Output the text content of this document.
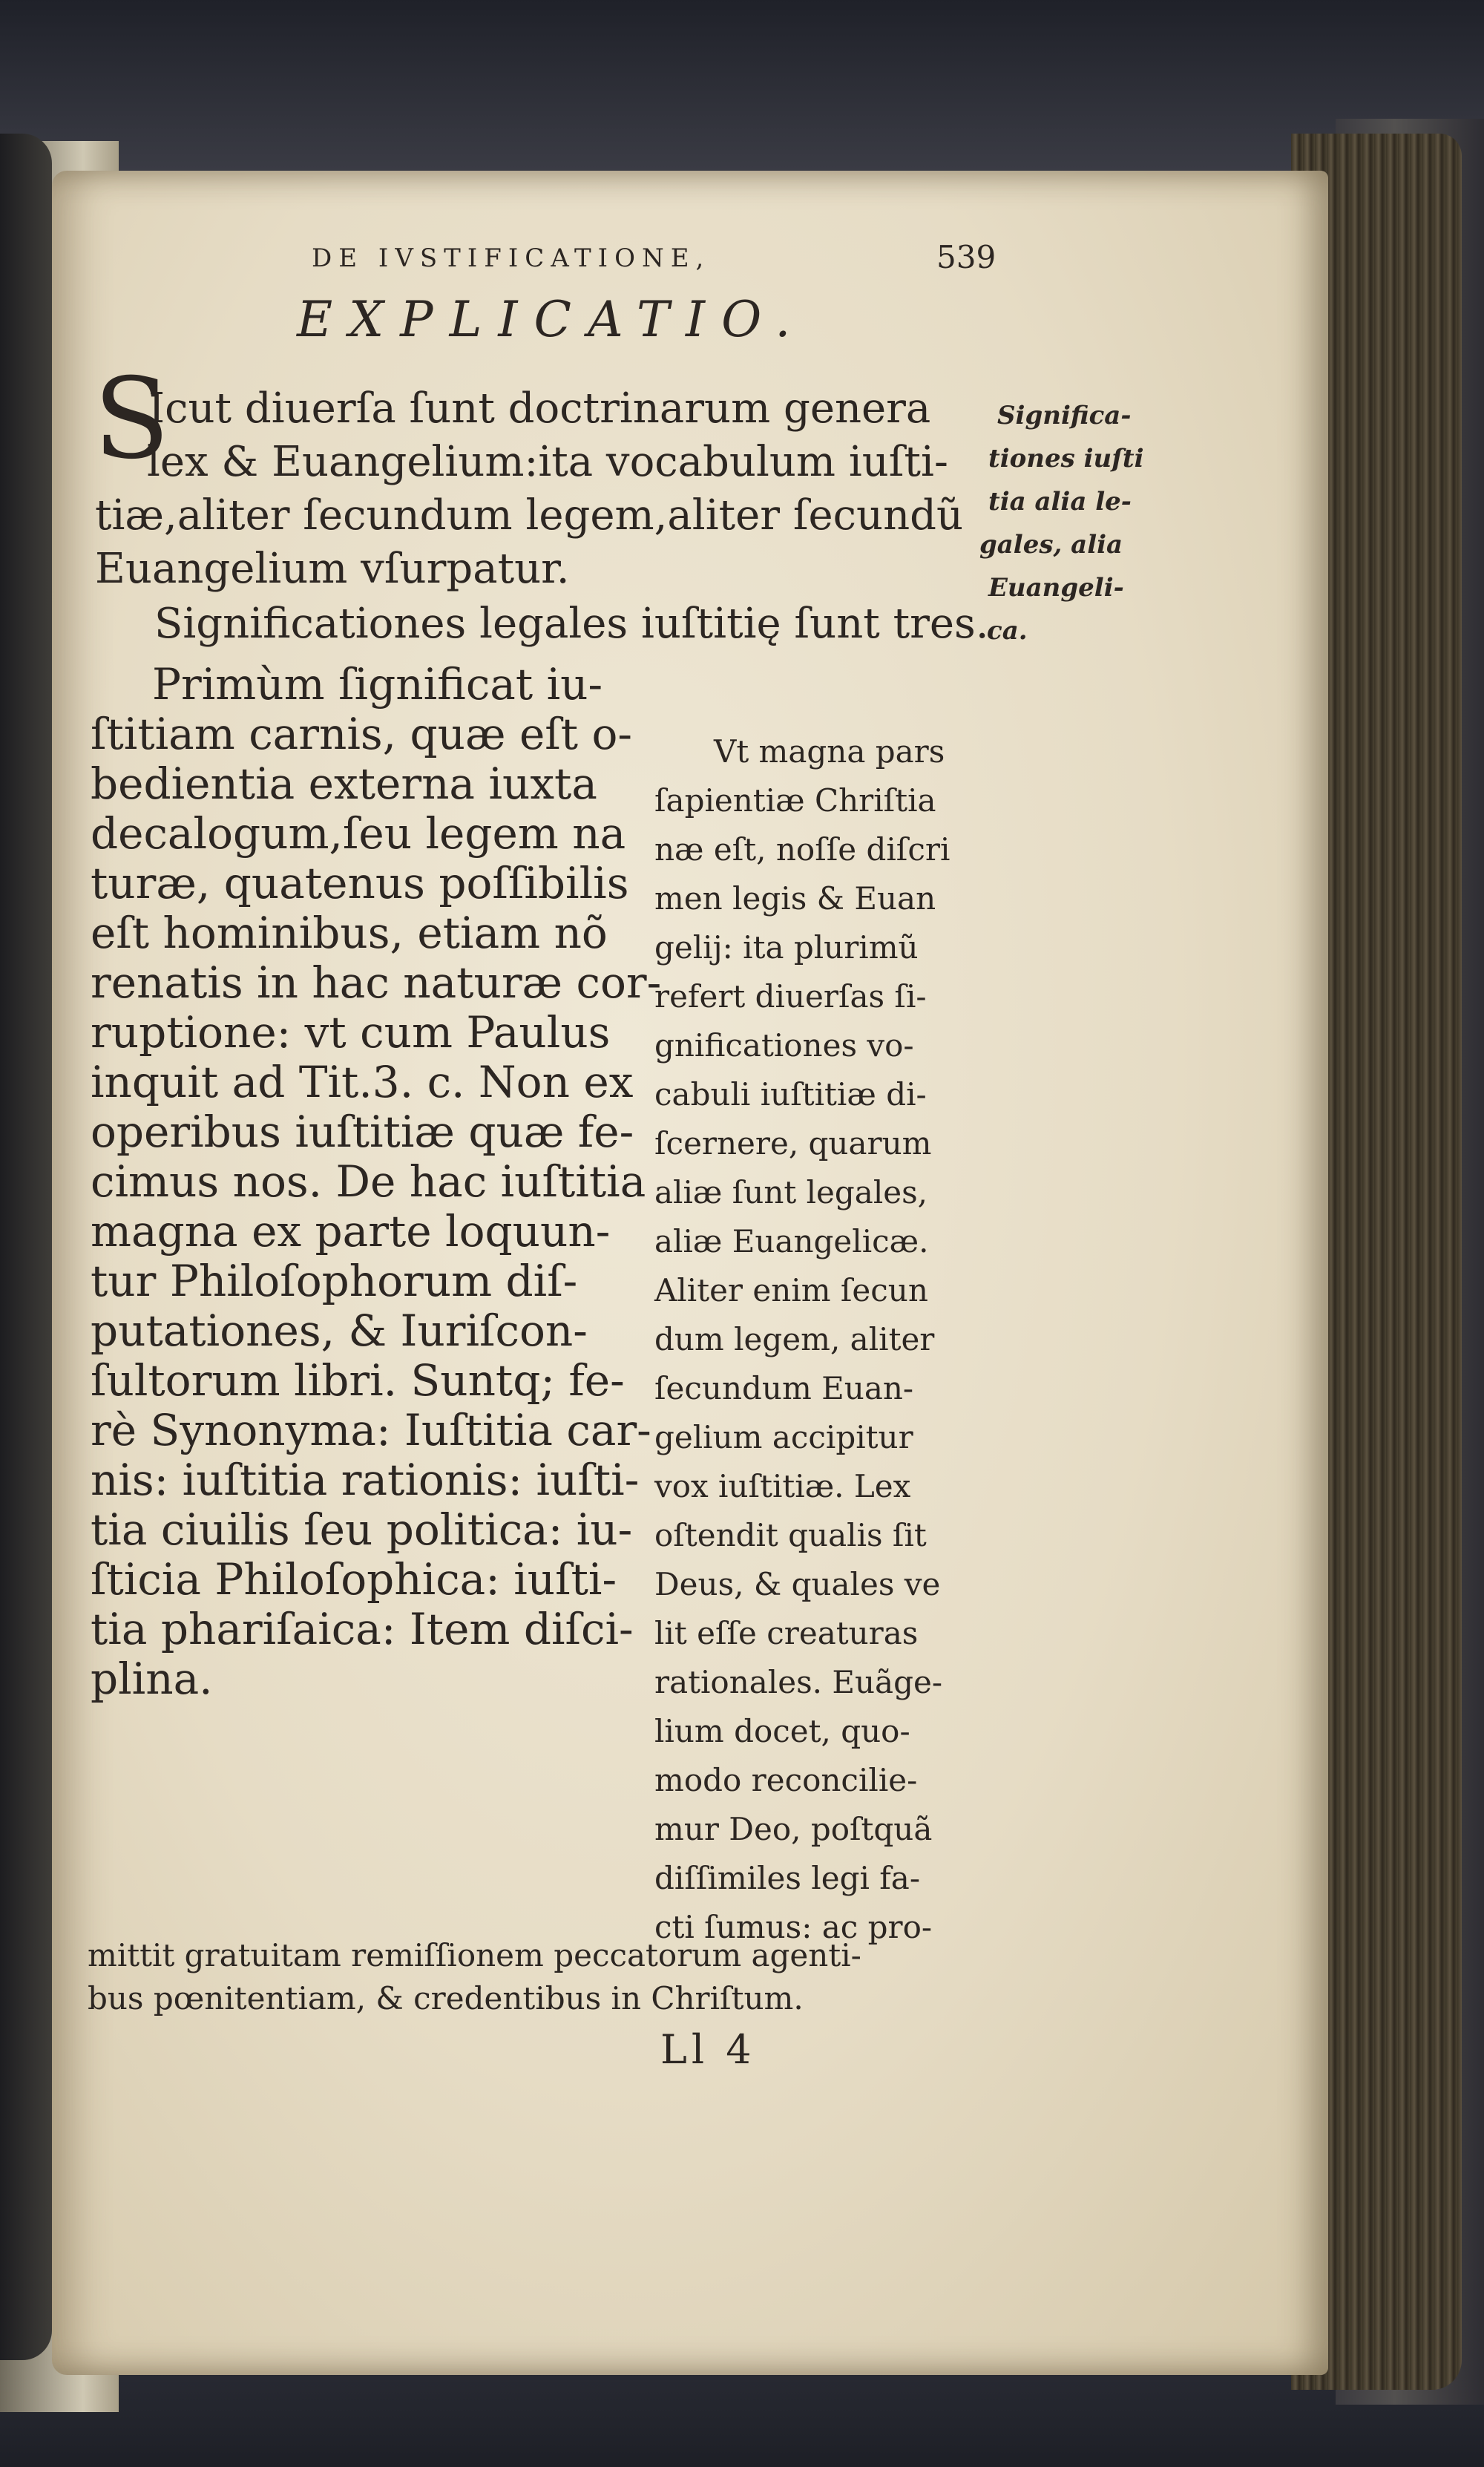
DE IVSTIFICATIONE,	539
EXPLICATIO.
S
Icut diuerſa ſunt doctrinarum genera
lex & Euangelium:ita vocabulum iuſti-
tiæ,aliter ſecundum legem,aliter ſecundũ
Euangelium vſurpatur.
Significationes legales iuſtitię ſunt tres.
Significa-
tiones iuſti
tia alia le-
gales, alia
Euangeli-
ca.
Primùm ſignificat iu-
ſtitiam carnis, quæ eſt o-
bedientia externa iuxta
decalogum,ſeu legem na
turæ, quatenus poſſibilis
eſt hominibus, etiam nõ
renatis in hac naturæ cor-
ruptione: vt cum Paulus
inquit ad Tit.3. c. Non ex
operibus iuſtitiæ quæ fe-
cimus nos. De hac iuſtitia
magna ex parte loquun-
tur Philoſophorum diſ-
putationes, & Iuriſcon-
ſultorum libri. Suntq; fe-
rè Synonyma: Iuſtitia car-
nis: iuſtitia rationis: iuſti-
tia ciuilis ſeu politica: iu-
ſticia Philoſophica: iuſti-
tia phariſaica: Item diſci-
plina.
Vt magna pars
ſapientiæ Chriſtia
næ eſt, noſſe diſcri
men legis & Euan
gelij: ita plurimũ
refert diuerſas ſi-
gnificationes vo-
cabuli iuſtitiæ di-
ſcernere, quarum
aliæ ſunt legales,
aliæ Euangelicæ.
Aliter enim ſecun
dum legem, aliter
ſecundum Euan-
gelium accipitur
vox iuſtitiæ. Lex
oſtendit qualis ſit
Deus, & quales ve
lit eſſe creaturas
rationales. Euãge-
lium docet, quo-
modo reconcilie-
mur Deo, poſtquã
diſſimiles legi fa-
cti ſumus: ac pro-
mittit gratuitam remiſſionem peccatorum agenti-
bus pœnitentiam, & credentibus in Chriſtum.
Ll 4
